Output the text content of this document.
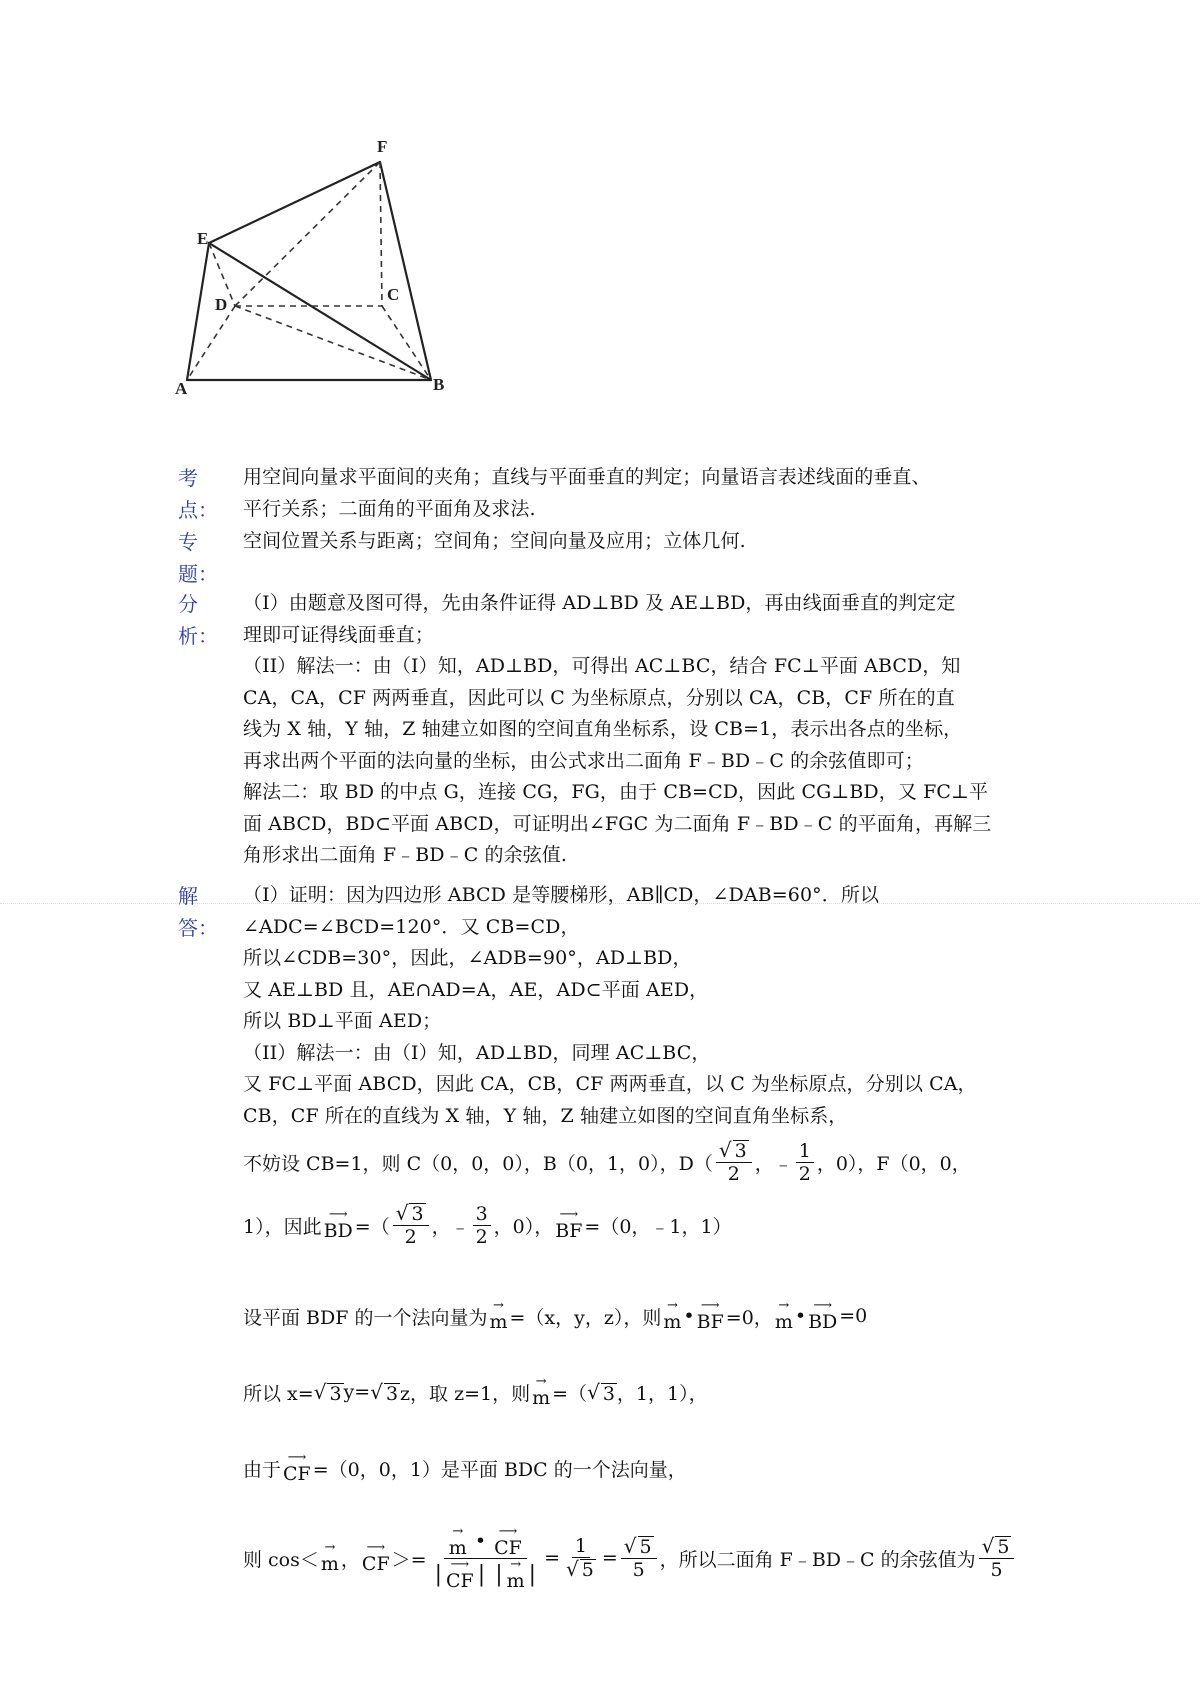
F
E
D
C
A	B
考
点：
用空间向量求平面间的夹角；直线与平面垂直的判定；向量语言表述线面的垂直、
平行关系；二面角的平面角及求法.
专
题：
空间位置关系与距离；空间角；空间向量及应用；立体几何.
分
析：
（Ⅰ）由题意及图可得，先由条件证得 AD⊥BD 及 AE⊥BD，再由线面垂直的判定定
理即可证得线面垂直；
（II）解法一：由（I）知，AD⊥BD，可得出 AC⊥BC，结合 FC⊥平面 ABCD，知
CA，CA，CF 两两垂直，因此可以 C 为坐标原点，分别以 CA，CB，CF 所在的直
线为 X 轴，Y 轴，Z 轴建立如图的空间直角坐标系，设 CB=1，表示出各点的坐标，
再求出两个平面的法向量的坐标，由公式求出二面角 F﹣BD﹣C 的余弦值即可；
解法二：取 BD 的中点 G，连接 CG，FG，由于 CB=CD，因此 CG⊥BD，又 FC⊥平
面 ABCD，BD⊂平面 ABCD，可证明出∠FGC 为二面角 F﹣BD﹣C 的平面角，再解三
角形求出二面角 F﹣BD﹣C 的余弦值.
解
答：
（I）证明：因为四边形 ABCD 是等腰梯形，AB∥CD，∠DAB=60°．所以
∠ADC=∠BCD=120°．又 CB=CD，
所以∠CDB=30°，因此，∠ADB=90°，AD⊥BD，
又 AE⊥BD 且，AE∩AD=A，AE，AD⊂平面 AED，
所以 BD⊥平面 AED；
（II）解法一：由（I）知，AD⊥BD，同理 AC⊥BC，
又 FC⊥平面 ABCD，因此 CA，CB，CF 两两垂直，以 C 为坐标原点，分别以 CA，
CB，CF 所在的直线为 X 轴，Y 轴，Z 轴建立如图的空间直角坐标系，
不妨设 CB=1，则 C（0，0，0），B（0，1，0），$D( \frac{√ 3}{2}$ ，﹣ $\frac{1}{2}$ ，0），F（0，0，
1），因此
⟶
BD =（ $\frac{√ 3}{2}$ ，﹣ $\frac{3}{2}$ ，0），
⟶
BF =（0，﹣1，1）
设平面 BDF 的一个法向量为
→
m =（x，y，z），则
→
m • ⟶
BF =0，
→
m • ⟶
BD =0
所以 x= √ 3 y= √ 3 z，取 z=1，则
→
m =（ √ 3 ，1，1），
由于
⟶
CF =（0，0，1）是平面 BDC 的一个法向量，
则 cos＜
→
m ，
⟶
CF ＞= →
m • ⟶
CF
| ⟶
CF |
| →
m | = $\frac{1}{√ 5} = \frac{√ 5}{5}$ ，所以二面角 F﹣BD﹣C 的余弦值为 $\frac{√ 5}{5}$
